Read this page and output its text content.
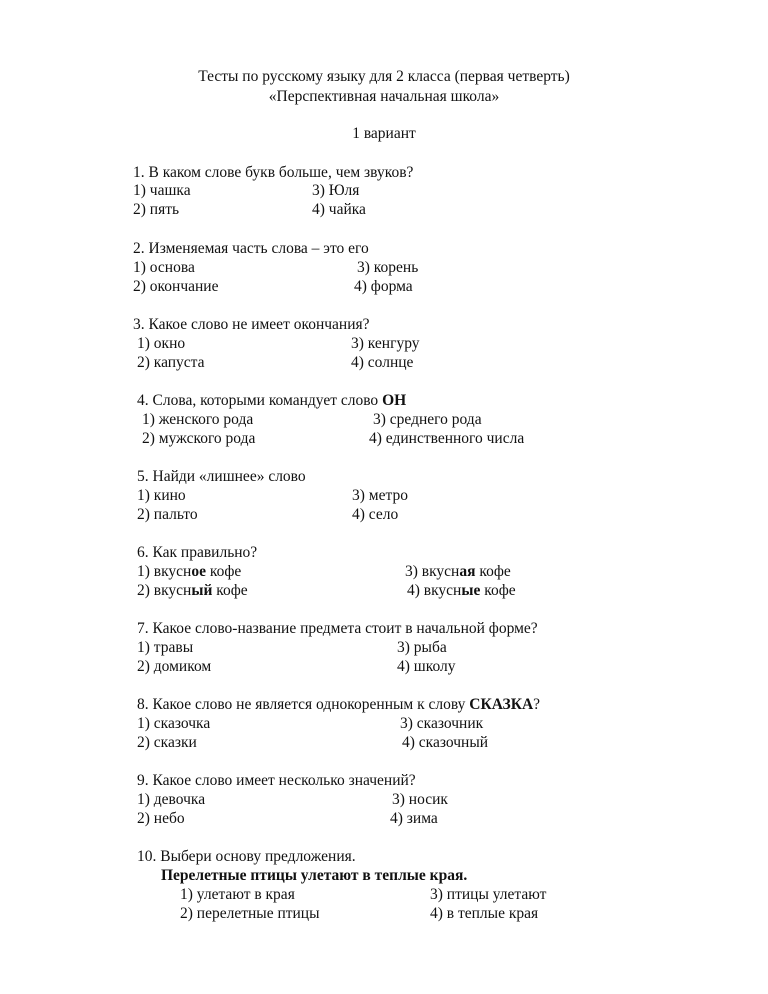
Тесты по русскому языку для 2 класса (первая четверть)
«Перспективная начальная школа»
1 вариант
1. В каком слове букв больше, чем звуков?
1) чашка	3) Юля
2) пять	4) чайка
2. Изменяемая часть слова – это его
1) основа	3) корень
2) окончание	4) форма
3. Какое слово не имеет окончания?
1) окно	3) кенгуру
2) капуста	4) солнце
4. Слова, которыми командует слово ОН
1) женского рода	3) среднего рода
2) мужского рода	4) единственного числа
5. Найди «лишнее» слово
1) кино	3) метро
2) пальто	4) село
6. Как правильно?
1) вкусное кофе	3) вкусная кофе
2) вкусный кофе	4) вкусные кофе
7. Какое слово-название предмета стоит в начальной форме?
1) травы	3) рыба
2) домиком	4) школу
8. Какое слово не является однокоренным к слову СКАЗКА?
1) сказочка	3) сказочник
2) сказки	4) сказочный
9. Какое слово имеет несколько значений?
1) девочка	3) носик
2) небо	4) зима
10. Выбери основу предложения.
Перелетные птицы улетают в теплые края.
1) улетают в края	3) птицы улетают
2) перелетные птицы	4) в теплые края
